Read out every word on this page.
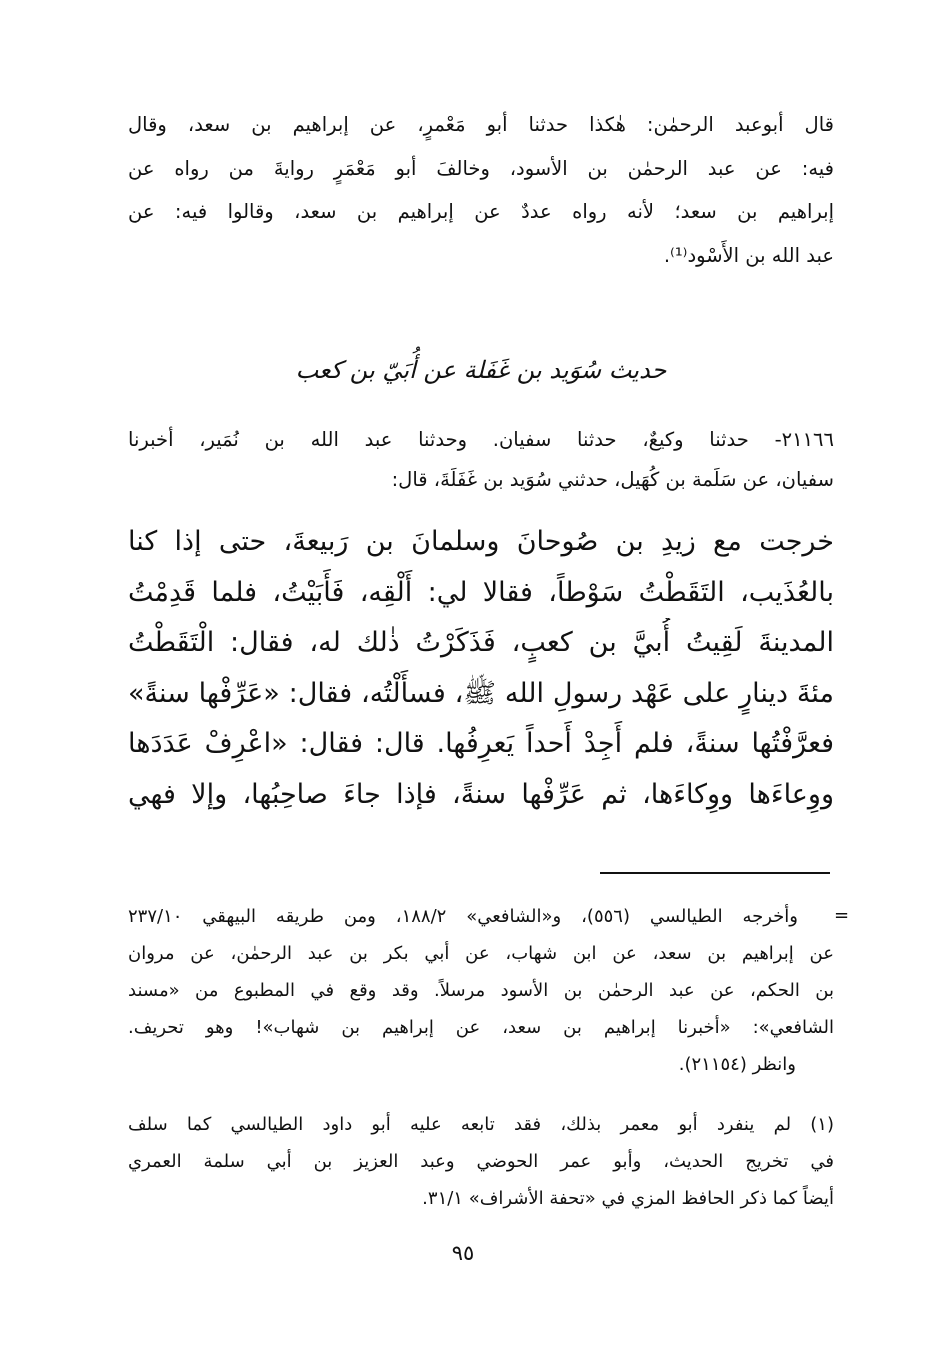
قال أبوعبد الرحمٰن: هٰكذا حدثنا أبو مَعْمرٍ، عن إبراهيم بن سعد، وقال
فيه: عن عبد الرحمٰن بن الأسود، وخالفَ أبو مَعْمَرٍ روايةَ من رواه عن
إبراهيم بن سعد؛ لأنه رواه عددٌ عن إبراهيم بن سعد، وقالوا فيه: عن
عبد الله بن الأَسْود⁽¹⁾.
حديث سُوَيد بن غَفَلة عن أُبَيّ بن كعب
٢١١٦٦- حدثنا وكيعٌ، حدثنا سفيان. وحدثنا عبد الله بن نُمَير، أخبرنا
سفيان، عن سَلَمة بن كُهَيل، حدثني سُوَيد بن غَفَلَةَ، قال:
خرجت مع زيدِ بن صُوحانَ وسلمانَ بن رَبيعةَ، حتى إذا كنا
بالعُذَيب، التَقَطْتُ سَوْطاً، فقالا لي: أَلْقِه، فَأَبَيْتُ، فلما قَدِمْتُ
المدينةَ لَقِيتُ أُبيَّ بن كعبٍ، فَذَكَرْتُ ذٰلك له، فقال: الْتَقَطْتُ
مئةَ دينارٍ على عَهْد رسولِ الله ﷺ، فسأَلْتُه، فقال: «عَرِّفْها سنةً»
فعرَّفْتُها سنةً، فلم أَجِدْ أَحداً يَعرِفُها. قال: فقال: «اعْرِفْ عَدَدَها
ووِعاءَها ووِكاءَها، ثم عَرِّفْها سنةً، فإذا جاءَ صاحِبُها، وإلا فهي
=
وأخرجه الطيالسي (٥٥٦)، و«الشافعي» ١٨٨/٢، ومن طريقه البيهقي ٢٣٧/١٠
عن إبراهيم بن سعد، عن ابن شهاب، عن أبي بكر بن عبد الرحمٰن، عن مروان
بن الحكم، عن عبد الرحمٰن بن الأسود مرسلاً. وقد وقع في المطبوع من «مسند
الشافعي»: «أخبرنا إبراهيم بن سعد، عن إبراهيم بن شهاب»! وهو تحريف.
وانظر (٢١١٥٤).
(١) لم ينفرد أبو معمر بذلك، فقد تابعه عليه أبو داود الطيالسي كما سلف
في تخريج الحديث، وأبو عمر الحوضي وعبد العزيز بن أبي سلمة العمري
أيضاً كما ذكر الحافظ المزي في «تحفة الأشراف» ٣١/١.
٩٥
